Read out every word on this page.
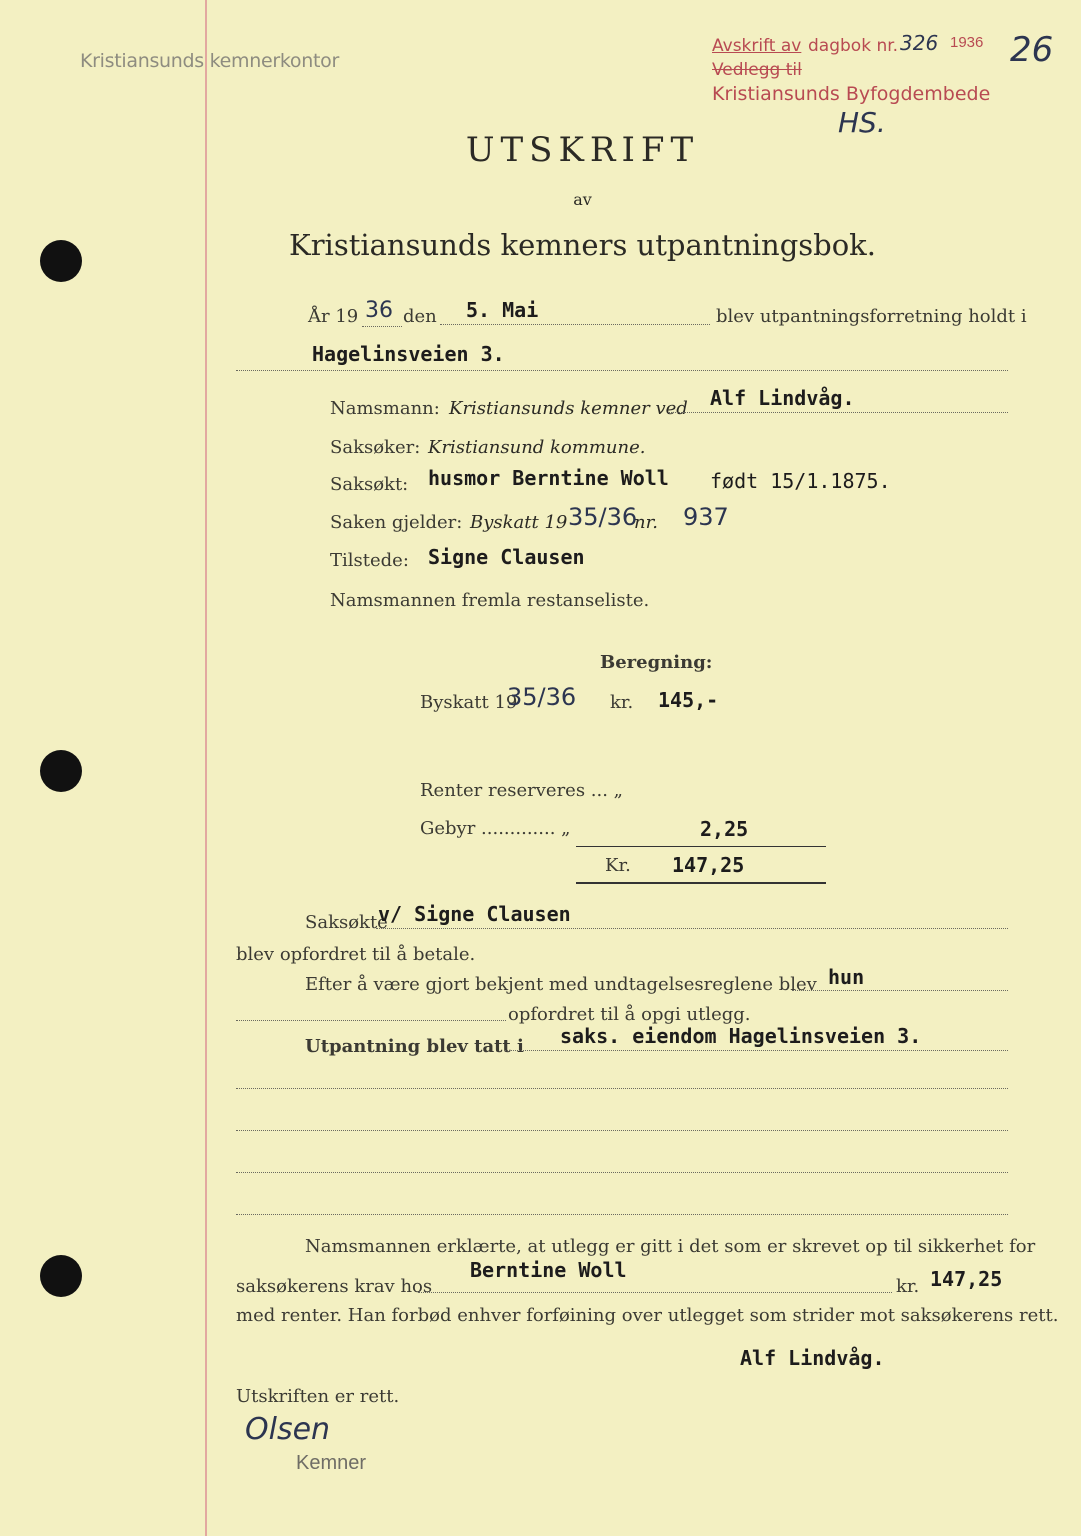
Kristiansunds kemnerkontor
Avskrift av dagbok nr. 326 1936 26
Vedlegg til
Kristiansunds Byfogdembede
HS.
UTSKRIFT
av
Kristiansunds kemners utpantningsbok.
År 19 36 den 5. Mai	blev utpantningsforretning holdt i
Hagelinsveien 3.
Namsmann: Kristiansunds kemner ved Alf Lindvåg.
Saksøker: Kristiansund kommune.
Saksøkt: husmor Berntine Woll født 15/1.1875.
Saken gjelder: Byskatt 19 35/36
nr. 937
Tilstede: Signe Clausen
Namsmannen fremla restanseliste.
Beregning:
Byskatt 19
35/36 kr. 145,-
Renter reserveres ... „
Gebyr ............. „	2,25
Kr. 147,25
Saksøkte
v/ Signe Clausen
blev opfordret til å betale.
Efter å være gjort bekjent med undtagelsesreglene blev hun
opfordret til å opgi utlegg.
Utpantning blev tatt i saks. eiendom Hagelinsveien 3.
Namsmannen erklærte, at utlegg er gitt i det som er skrevet op til sikkerhet for
saksøkerens krav hos
Berntine Woll
kr. 147,25
med renter. Han forbød enhver forføining over utlegget som strider mot saksøkerens rett.
Alf Lindvåg.
Utskriften er rett.
Olsen
Kemner
